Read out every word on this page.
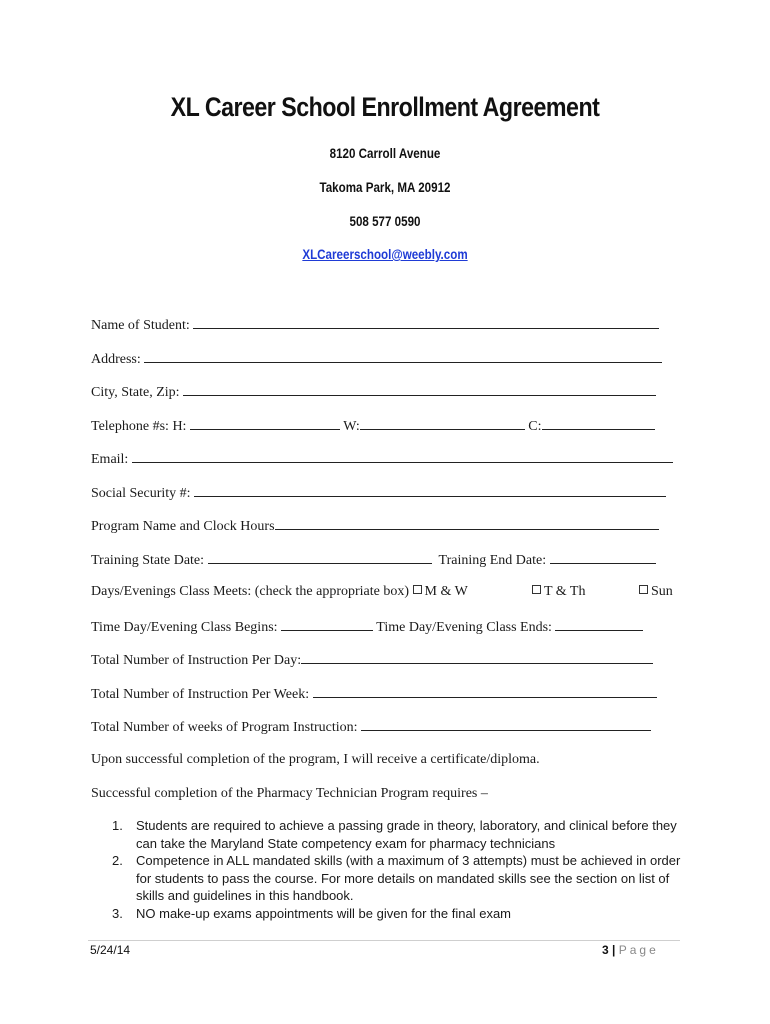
XL Career School Enrollment Agreement
8120 Carroll Avenue
Takoma Park, MA 20912
508 577 0590
XLCareerschool@weebly.com
Name of Student:
Address:
City, State, Zip:
Telephone #s: H:	W:	C:
Email:
Social Security #:
Program Name and Clock Hours
Training State Date:	Training End Date:
Days/Evenings Class Meets: (check the appropriate box) M & W	T & Th	Sun
Time Day/Evening Class Begins:	Time Day/Evening Class Ends:
Total Number of Instruction Per Day:
Total Number of Instruction Per Week:
Total Number of weeks of Program Instruction:
Upon successful completion of the program, I will receive a certificate/diploma.
Successful completion of the Pharmacy Technician Program requires –
1. Students are required to achieve a passing grade in theory, laboratory, and clinical before they can take the Maryland State competency exam for pharmacy technicians
2. Competence in ALL mandated skills (with a maximum of 3 attempts) must be achieved in order for students to pass the course. For more details on mandated skills see the section on list of skills and guidelines in this handbook.
3. NO make-up exams appointments will be given for the final exam
5/24/14	3 | Page
